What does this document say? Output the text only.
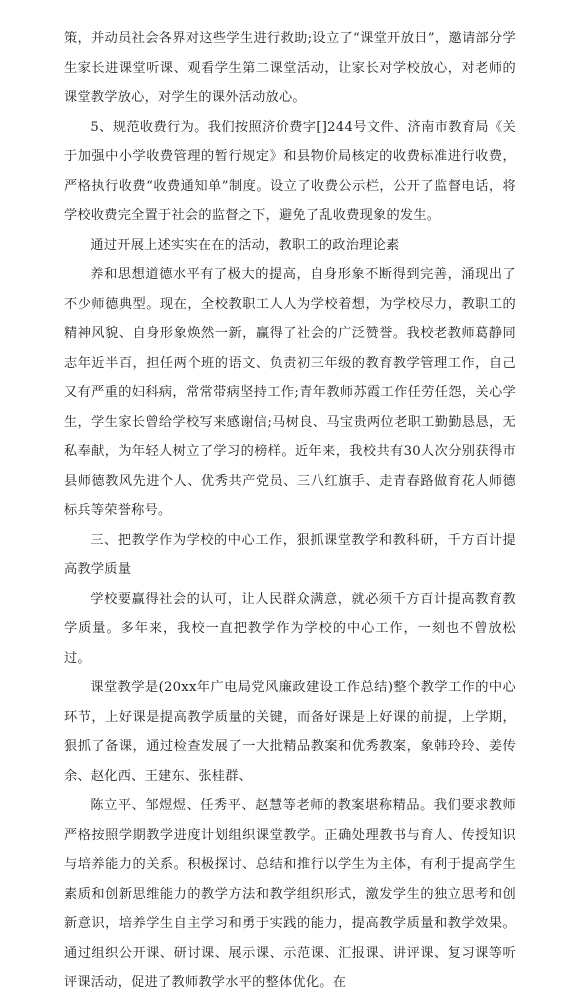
策，并动员社会各界对这些学生进行救助;设立了“课堂开放日”，邀请部分学生家长进课堂听课、观看学生第二课堂活动，让家长对学校放心，对老师的课堂教学放心，对学生的课外活动放心。

5、规范收费行为。我们按照济价费字[]244号文件、济南市教育局《关于加强中小学收费管理的暂行规定》和县物价局核定的收费标准进行收费，严格执行收费“收费通知单”制度。设立了收费公示栏，公开了监督电话，将学校收费完全置于社会的监督之下，避免了乱收费现象的发生。

通过开展上述实实在在的活动，教职工的政治理论素

养和思想道德水平有了极大的提高，自身形象不断得到完善，涌现出了不少师德典型。现在，全校教职工人人为学校着想，为学校尽力，教职工的精神风貌、自身形象焕然一新，赢得了社会的广泛赞誉。我校老教师葛静同志年近半百，担任两个班的语文、负责初三年级的教育教学管理工作，自己又有严重的妇科病，常常带病坚持工作;青年教师苏霞工作任劳任怨，关心学生，学生家长曾给学校写来感谢信;马树良、马宝贵两位老职工勤勤恳恳，无私奉献，为年轻人树立了学习的榜样。近年来，我校共有30人次分别获得市县师德教风先进个人、优秀共产党员、三八红旗手、走青春路做育花人师德标兵等荣誉称号。

三、把教学作为学校的中心工作，狠抓课堂教学和教科研，千方百计提高教学质量

学校要赢得社会的认可，让人民群众满意，就必须千方百计提高教育教学质量。多年来，我校一直把教学作为学校的中心工作，一刻也不曾放松过。

课堂教学是(20xx年广电局党风廉政建设工作总结)整个教学工作的中心环节，上好课是提高教学质量的关键，而备好课是上好课的前提，上学期，狠抓了备课，通过检查发展了一大批精品教案和优秀教案，象韩玲玲、姜传余、赵化西、王建东、张桂群、

陈立平、邹煜煜、任秀平、赵慧等老师的教案堪称精品。我们要求教师严格按照学期教学进度计划组织课堂教学。正确处理教书与育人、传授知识与培养能力的关系。积极探讨、总结和推行以学生为主体，有利于提高学生素质和创新思维能力的教学方法和教学组织形式，激发学生的独立思考和创新意识，培养学生自主学习和勇于实践的能力，提高教学质量和教学效果。通过组织公开课、研讨课、展示课、示范课、汇报课、讲评课、复习课等听评课活动，促进了教师教学水平的整体优化。在
